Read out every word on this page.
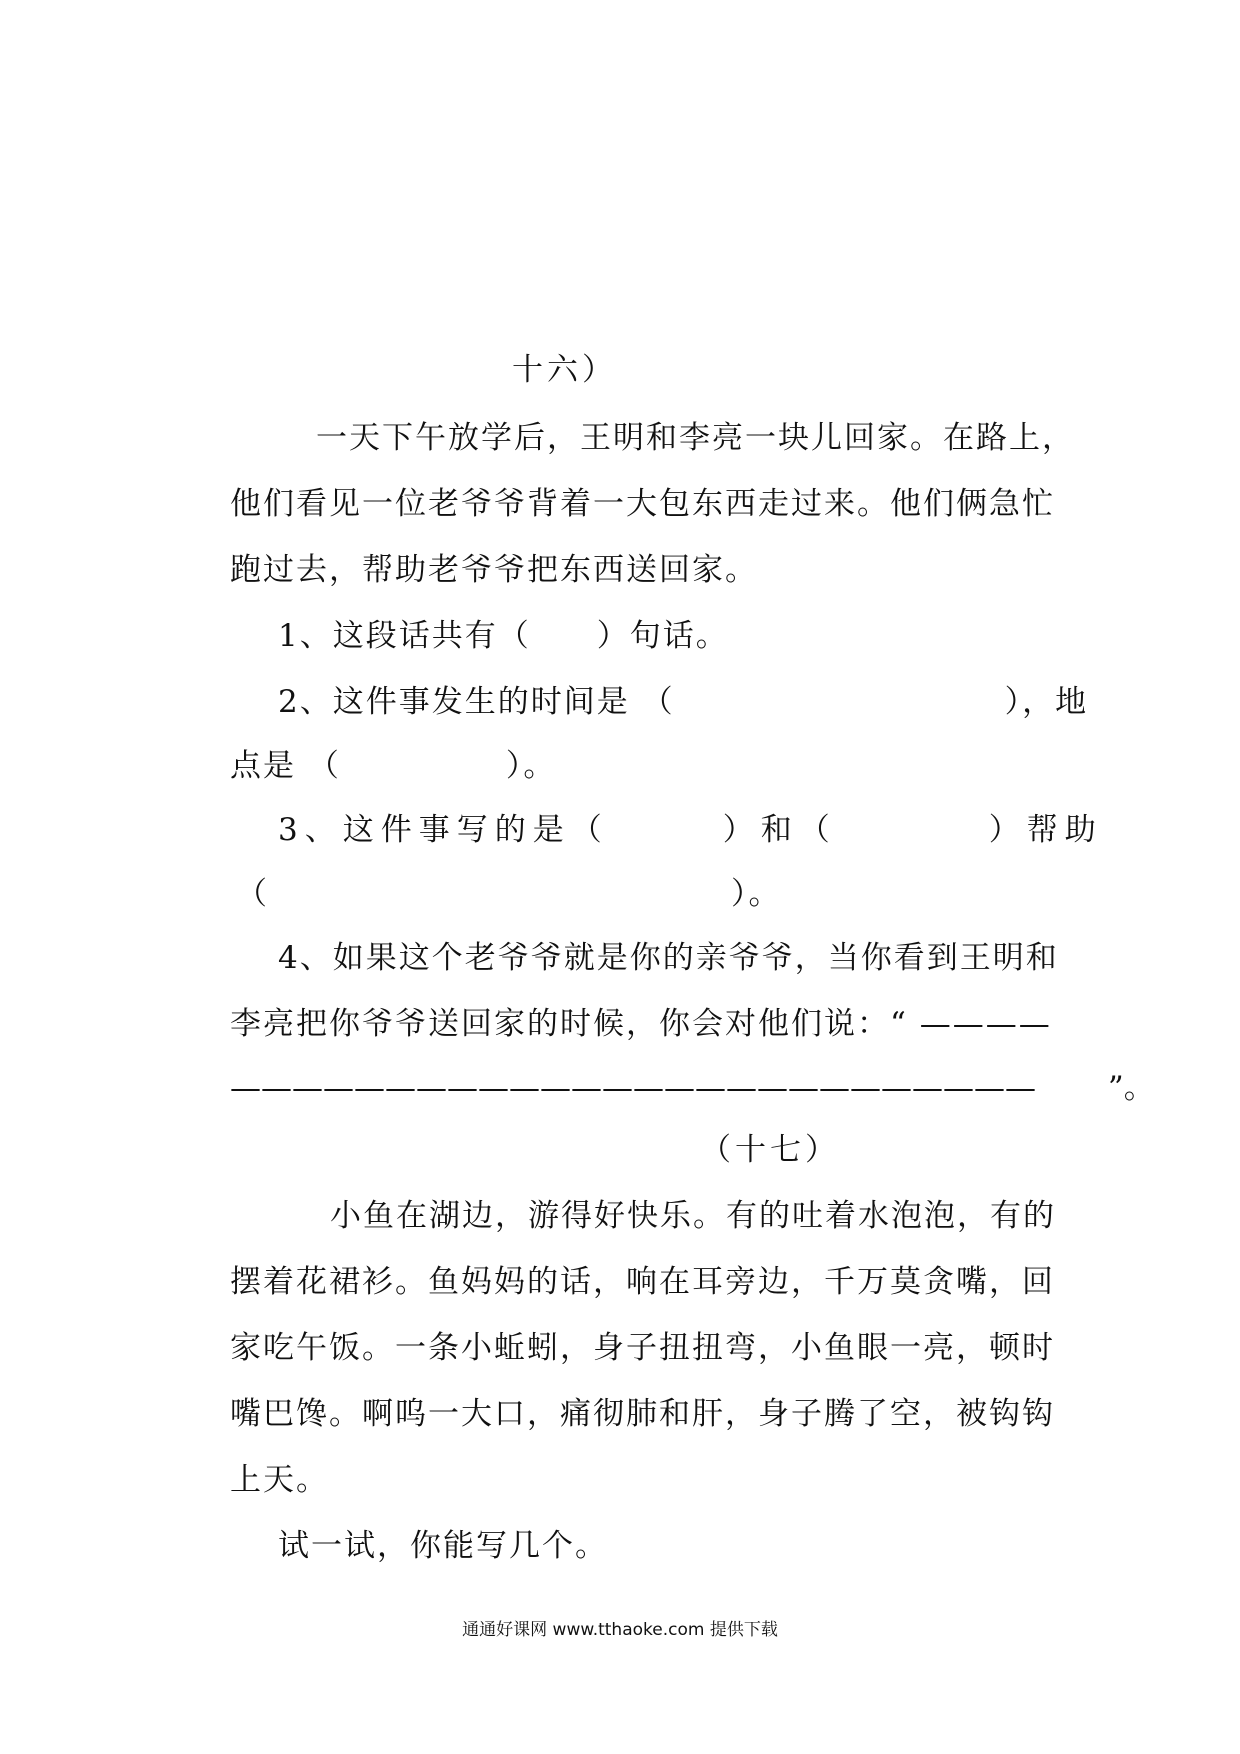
十六）
一天下午放学后，王明和李亮一块儿回家。在路上，
他们看见一位老爷爷背着一大包东西走过来。他们俩急忙
跑过去，帮助老爷爷把东西送回家。
1、这段话共有（　　）句话。
2、这件事发生的时间是 （　　　　　　　　　　），地
点是 （　　　　　）。
3、这件事写的是（　　　）和（　　　　）帮助
（　　　　　　　　　　　　　　）。
4、如果这个老爷爷就是你的亲爷爷，当你看到王明和
李亮把你爷爷送回家的时候，你会对他们说：“ ————
——————————————————————————　　 ”。
（十七）
小鱼在湖边，游得好快乐。有的吐着水泡泡，有的
摆着花裙衫。鱼妈妈的话，响在耳旁边，千万莫贪嘴，回
家吃午饭。一条小蚯蚓，身子扭扭弯，小鱼眼一亮，顿时
嘴巴馋。啊呜一大口，痛彻肺和肝，身子腾了空，被钩钩
上天。
试一试，你能写几个。
通通好课网 www.tthaoke.com 提供下载
